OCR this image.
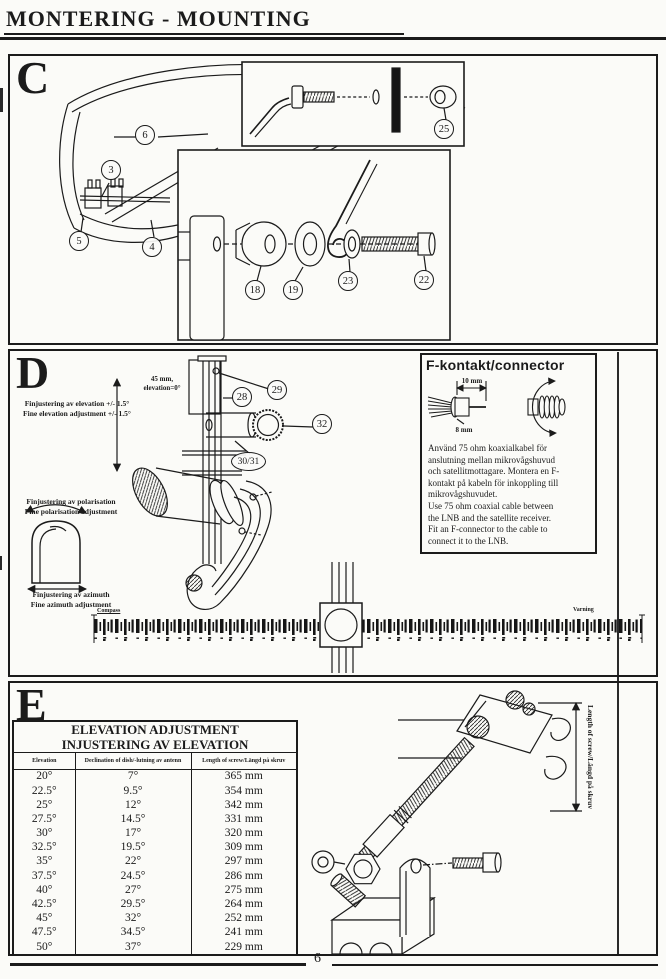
MONTERING - MOUNTING
C
D
Finjustering av elevation +/- 1.5°
Fine elevation adjustment +/- 1.5°
45 mm,
elevation=0°
Finjustering av polarisation
Fine polarisation adjustment
Finjustering av azimuth
Fine azimuth adjustment
Compass	Varning
F-kontakt/connector
10 mm
8 mm
Använd 75 ohm koaxialkabel för
anslutning mellan mikrovågshuvud
och satellitmottagare. Montera en F-
kontakt på kabeln för inkoppling till
mikrovågshuvudet.
Use 75 ohm coaxial cable between
the LNB and the satellite receiver.
Fit an F-connector to the cable to
connect it to the LNB.
E ELEVATION ADJUSTMENT		
INJUSTERING AV ELEVATION		
Elevation	Declination of dish/-lutning av antenn	Length of screw/Längd på skruv
20°	7°	365 mm
22.5°	9.5°	354 mm
25°	12°	342 mm
27.5°	14.5°	331 mm
30°	17°	320 mm
32.5°	19.5°	309 mm
35°	22°	297 mm
37.5°	24.5°	286 mm
40°	27°	275 mm
42.5°	29.5°	264 mm
45°	32°	252 mm
47.5°	34.5°	241 mm
50°	37°	229 mm
Length of screw/Längd på skruv
6
3
5
4
25
18	19
23	22
28
29
32
30/31
6
